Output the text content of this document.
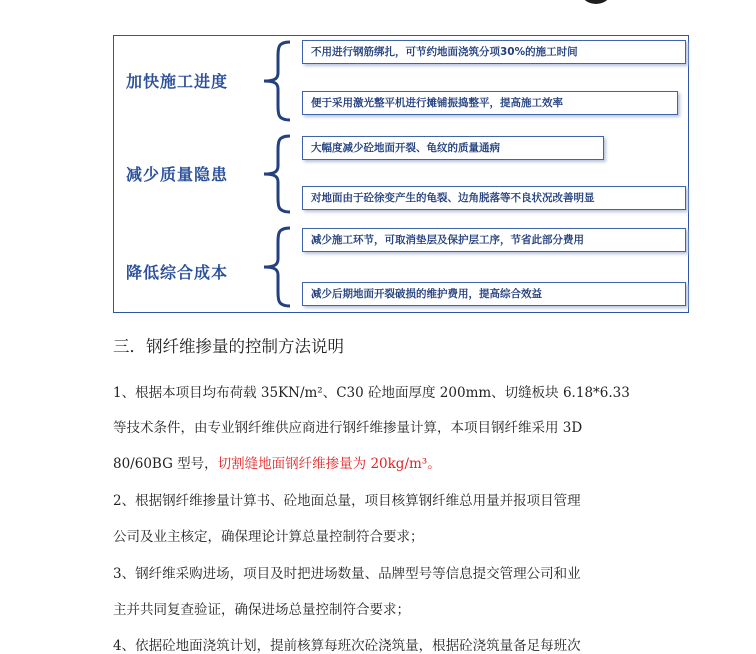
加快施工进度
不用进行钢筋绑扎，可节约地面浇筑分项30%的施工时间
便于采用激光整平机进行摊铺振捣整平，提高施工效率
减少质量隐患
大幅度减少砼地面开裂、龟纹的质量通病
对地面由于砼徐变产生的龟裂、边角脱落等不良状况改善明显
降低综合成本
减少施工环节，可取消垫层及保护层工序，节省此部分费用
减少后期地面开裂破损的维护费用，提高综合效益
三．钢纤维掺量的控制方法说明
1、根据本项目均布荷载 35KN/m²、C30 砼地面厚度 200mm、切缝板块 6.18*6.33
等技术条件，由专业钢纤维供应商进行钢纤维掺量计算，本项目钢纤维采用 3D
80/60BG 型号，切割缝地面钢纤维掺量为 20kg/m³。
2、根据钢纤维掺量计算书、砼地面总量，项目核算钢纤维总用量并报项目管理
公司及业主核定，确保理论计算总量控制符合要求；
3、钢纤维采购进场，项目及时把进场数量、品牌型号等信息提交管理公司和业
主并共同复查验证，确保进场总量控制符合要求；
4、依据砼地面浇筑计划，提前核算每班次砼浇筑量，根据砼浇筑量备足每班次
